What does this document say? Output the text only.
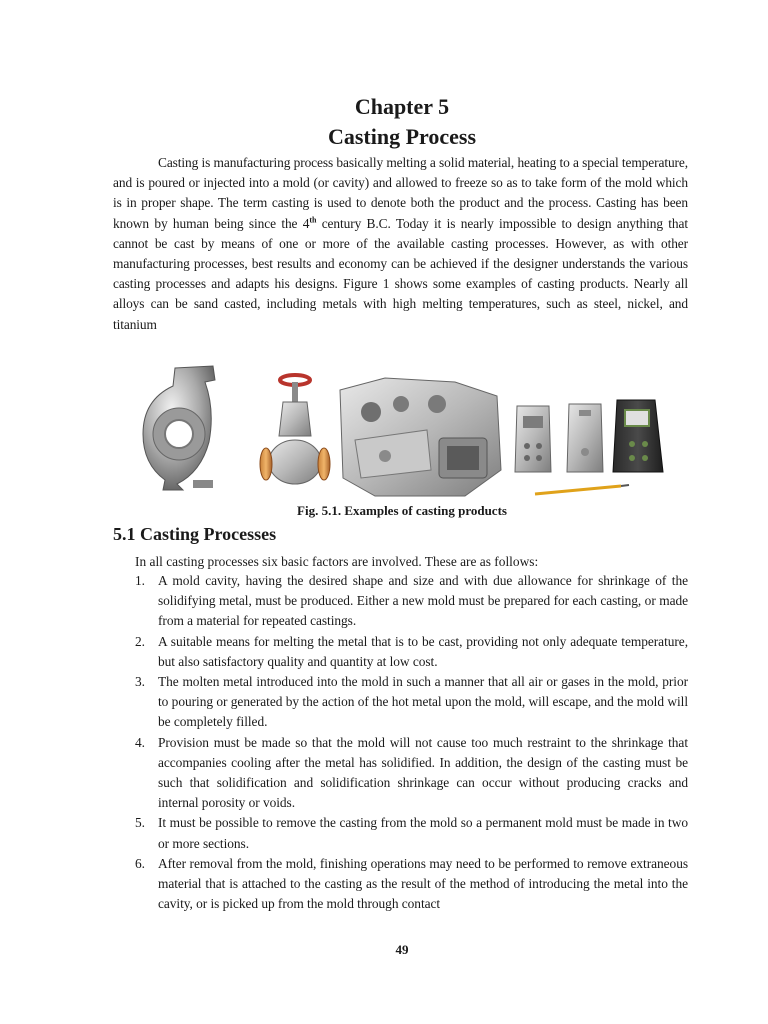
Chapter 5
Casting Process

Casting is manufacturing process basically melting a solid material, heating to a special temperature, and is poured or injected into a mold (or cavity) and allowed to freeze so as to take form of the mold which is in proper shape. The term casting is used to denote both the product and the process. Casting has been known by human being since the 4th century B.C. Today it is nearly impossible to design anything that cannot be cast by means of one or more of the available casting processes. However, as with other manufacturing processes, best results and economy can be achieved if the designer understands the various casting processes and adapts his designs. Figure 1 shows some examples of casting products. Nearly all alloys can be sand casted, including metals with high melting temperatures, such as steel, nickel, and titanium

Fig. 5.1. Examples of casting products
5.1 Casting Processes

In all casting processes six basic factors are involved. These are as follows:

1. A mold cavity, having the desired shape and size and with due allowance for shrinkage of the solidifying metal, must be produced. Either a new mold must be prepared for each casting, or made from a material for repeated castings.
2. A suitable means for melting the metal that is to be cast, providing not only adequate temperature, but also satisfactory quality and quantity at low cost.
3. The molten metal introduced into the mold in such a manner that all air or gases in the mold, prior to pouring or generated by the action of the hot metal upon the mold, will escape, and the mold will be completely filled.
4. Provision must be made so that the mold will not cause too much restraint to the shrinkage that accompanies cooling after the metal has solidified. In addition, the design of the casting must be such that solidification and solidification shrinkage can occur without producing cracks and internal porosity or voids.
5. It must be possible to remove the casting from the mold so a permanent mold must be made in two or more sections.
6. After removal from the mold, finishing operations may need to be performed to remove extraneous material that is attached to the casting as the result of the method of introducing the metal into the cavity, or is picked up from the mold through contact
49
